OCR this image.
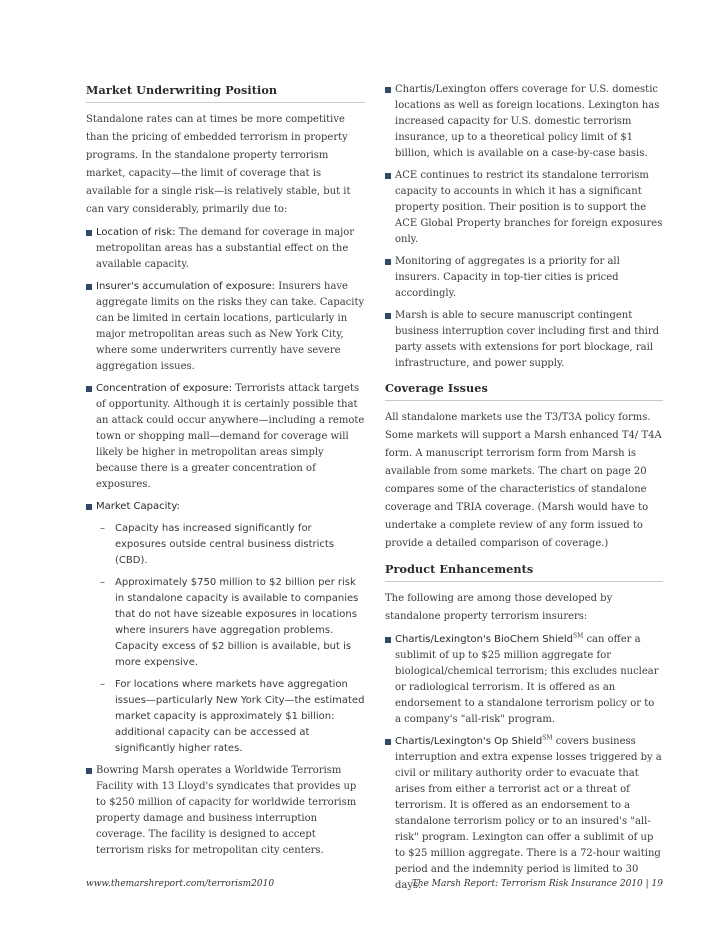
Market Underwriting Position

Standalone rates can at times be more competitive than the pricing of embedded terrorism in property programs. In the standalone property terrorism market, capacity—the limit of coverage that is available for a single risk—is relatively stable, but it can vary considerably, primarily due to:

Location of risk: The demand for coverage in major metropolitan areas has a substantial effect on the available capacity.
Insurer's accumulation of exposure: Insurers have aggregate limits on the risks they can take. Capacity can be limited in certain locations, particularly in major metropolitan areas such as New York City, where some underwriters currently have severe aggregation issues.
Concentration of exposure: Terrorists attack targets of opportunity. Although it is certainly possible that an attack could occur anywhere—including a remote town or shopping mall—demand for coverage will likely be higher in metropolitan areas simply because there is a greater concentration of exposures.
Market Capacity:
– Capacity has increased significantly for exposures outside central business districts (CBD).
– Approximately $750 million to $2 billion per risk in standalone capacity is available to companies that do not have sizeable exposures in locations where insurers have aggregation problems. Capacity excess of $2 billion is available, but is more expensive.
– For locations where markets have aggregation issues—particularly New York City—the estimated market capacity is approximately $1 billion: additional capacity can be accessed at significantly higher rates.
Bowring Marsh operates a Worldwide Terrorism Facility with 13 Lloyd's syndicates that provides up to $250 million of capacity for worldwide terrorism property damage and business interruption coverage. The facility is designed to accept terrorism risks for metropolitan city centers.
Chartis/Lexington offers coverage for U.S. domestic locations as well as foreign locations. Lexington has increased capacity for U.S. domestic terrorism insurance, up to a theoretical policy limit of $1 billion, which is available on a case-by-case basis.
ACE continues to restrict its standalone terrorism capacity to accounts in which it has a significant property position. Their position is to support the ACE Global Property branches for foreign exposures only.
Monitoring of aggregates is a priority for all insurers. Capacity in top-tier cities is priced accordingly.
Marsh is able to secure manuscript contingent business interruption cover including first and third party assets with extensions for port blockage, rail infrastructure, and power supply.
Coverage Issues

All standalone markets use the T3/T3A policy forms. Some markets will support a Marsh enhanced T4/ T4A form. A manuscript terrorism form from Marsh is available from some markets. The chart on page 20 compares some of the characteristics of standalone coverage and TRIA coverage. (Marsh would have to undertake a complete review of any form issued to provide a detailed comparison of coverage.)

Product Enhancements

The following are among those developed by standalone property terrorism insurers:

Chartis/Lexington's BioChem Shield℠ can offer a sublimit of up to $25 million aggregate for biological/chemical terrorism; this excludes nuclear or radiological terrorism. It is offered as an endorsement to a standalone terrorism policy or to a company's "all-risk" program.
Chartis/Lexington's Op Shield℠ covers business interruption and extra expense losses triggered by a civil or military authority order to evacuate that arises from either a terrorist act or a threat of terrorism. It is offered as an endorsement to a standalone terrorism policy or to an insured's "all-risk" program. Lexington can offer a sublimit of up to $25 million aggregate. There is a 72-hour waiting period and the indemnity period is limited to 30 days.
www.themarshreport.com/terrorism2010	The Marsh Report: Terrorism Risk Insurance 2010 | 19
